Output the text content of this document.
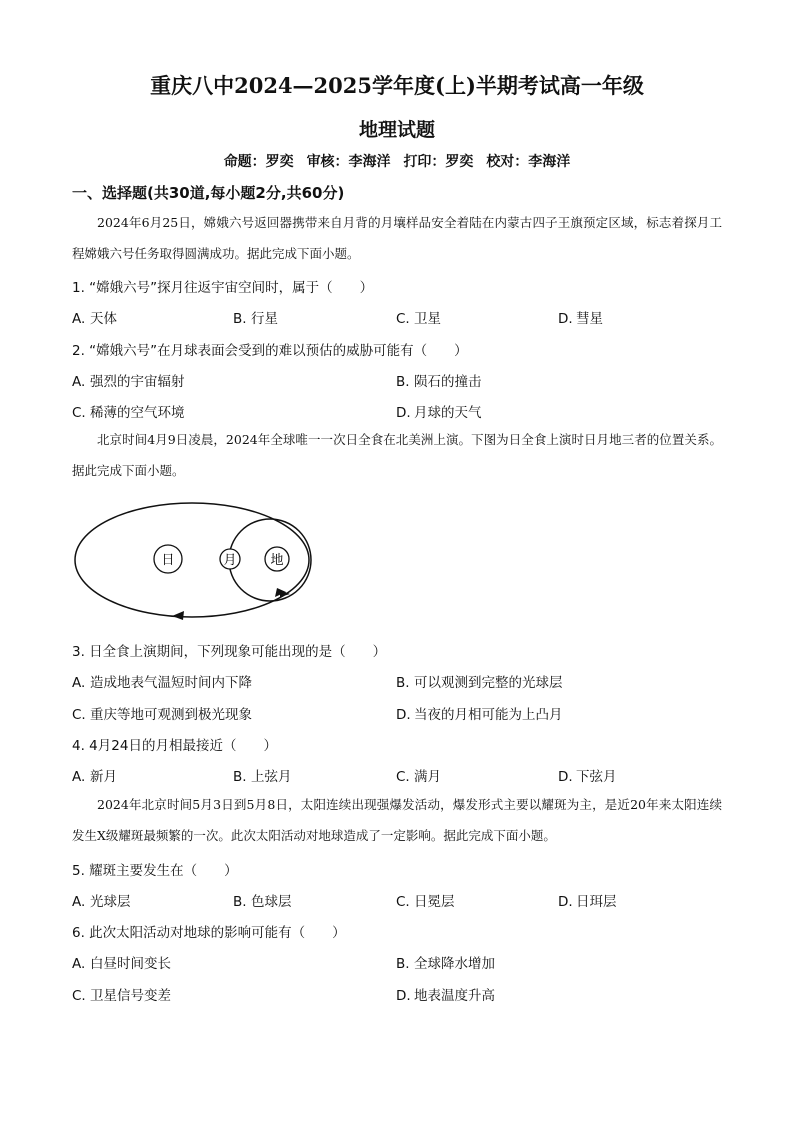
重庆八中2024—2025学年度(上)半期考试高一年级
地理试题
命题：罗奕 审核：李海洋 打印：罗奕 校对：李海洋
一、选择题(共30道,每小题2分,共60分)
2024年6月25日，嫦娥六号返回器携带来自月背的月壤样品安全着陆在内蒙古四子王旗预定区域，标志着探月工程嫦娥六号任务取得圆满成功。据此完成下面小题。
1. “嫦娥六号”探月往返宇宙空间时，属于（　　）
A. 天体	B. 行星	C. 卫星	D. 彗星
2. “嫦娥六号”在月球表面会受到的难以预估的威胁可能有（　　）
A. 强烈的宇宙辐射	B. 陨石的撞击
C. 稀薄的空气环境	D. 月球的天气
北京时间4月9日凌晨，2024年全球唯一一次日全食在北美洲上演。下图为日全食上演时日月地三者的位置关系。据此完成下面小题。
日	月	地
3. 日全食上演期间，下列现象可能出现的是（　　）
A. 造成地表气温短时间内下降	B. 可以观测到完整的光球层
C. 重庆等地可观测到极光现象	D. 当夜的月相可能为上凸月
4. 4月24日的月相最接近（　　）
A. 新月	B. 上弦月	C. 满月	D. 下弦月
2024年北京时间5月3日到5月8日，太阳连续出现强爆发活动，爆发形式主要以耀斑为主，是近20年来太阳连续发生X级耀斑最频繁的一次。此次太阳活动对地球造成了一定影响。据此完成下面小题。
5. 耀斑主要发生在（　　）
A. 光球层	B. 色球层	C. 日冕层	D. 日珥层
6. 此次太阳活动对地球的影响可能有（　　）
A. 白昼时间变长	B. 全球降水增加
C. 卫星信号变差	D. 地表温度升高
